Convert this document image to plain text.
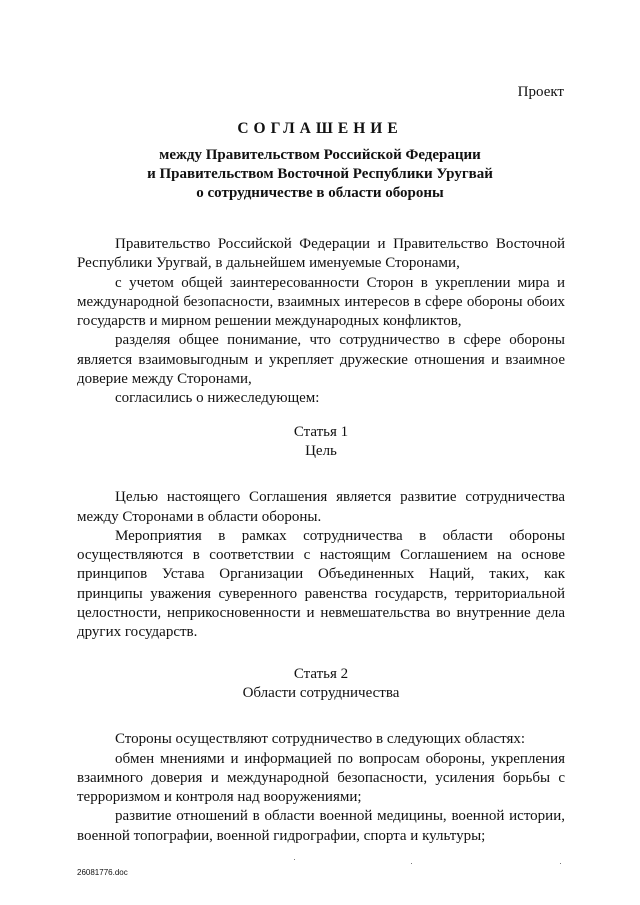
Проект
СОГЛАШЕНИЕ
между Правительством Российской Федерации
и Правительством Восточной Республики Уругвай
о сотрудничестве в области обороны

Правительство Российской Федерации и Правительство Восточной Республики Уругвай, в дальнейшем именуемые Сторонами,

с учетом общей заинтересованности Сторон в укреплении мира и международной безопасности, взаимных интересов в сфере обороны обоих государств и мирном решении международных конфликтов,

разделяя общее понимание, что сотрудничество в сфере обороны является взаимовыгодным и укрепляет дружеские отношения и взаимное доверие между Сторонами,

согласились о нижеследующем:

Статья 1
Цель

Целью настоящего Соглашения является развитие сотрудничества между Сторонами в области обороны.

Мероприятия в рамках сотрудничества в области обороны осуществляются в соответствии с настоящим Соглашением на основе принципов Устава Организации Объединенных Наций, таких, как принципы уважения суверенного равенства государств, территориальной целостности, неприкосновенности и невмешательства во внутренние дела других государств.

Статья 2
Области сотрудничества

Стороны осуществляют сотрудничество в следующих областях:

обмен мнениями и информацией по вопросам обороны, укрепления взаимного доверия и международной безопасности, усиления борьбы с терроризмом и контроля над вооружениями;

развитие отношений в области военной медицины, военной истории, военной топографии, военной гидрографии, спорта и культуры;

26081776.doc
